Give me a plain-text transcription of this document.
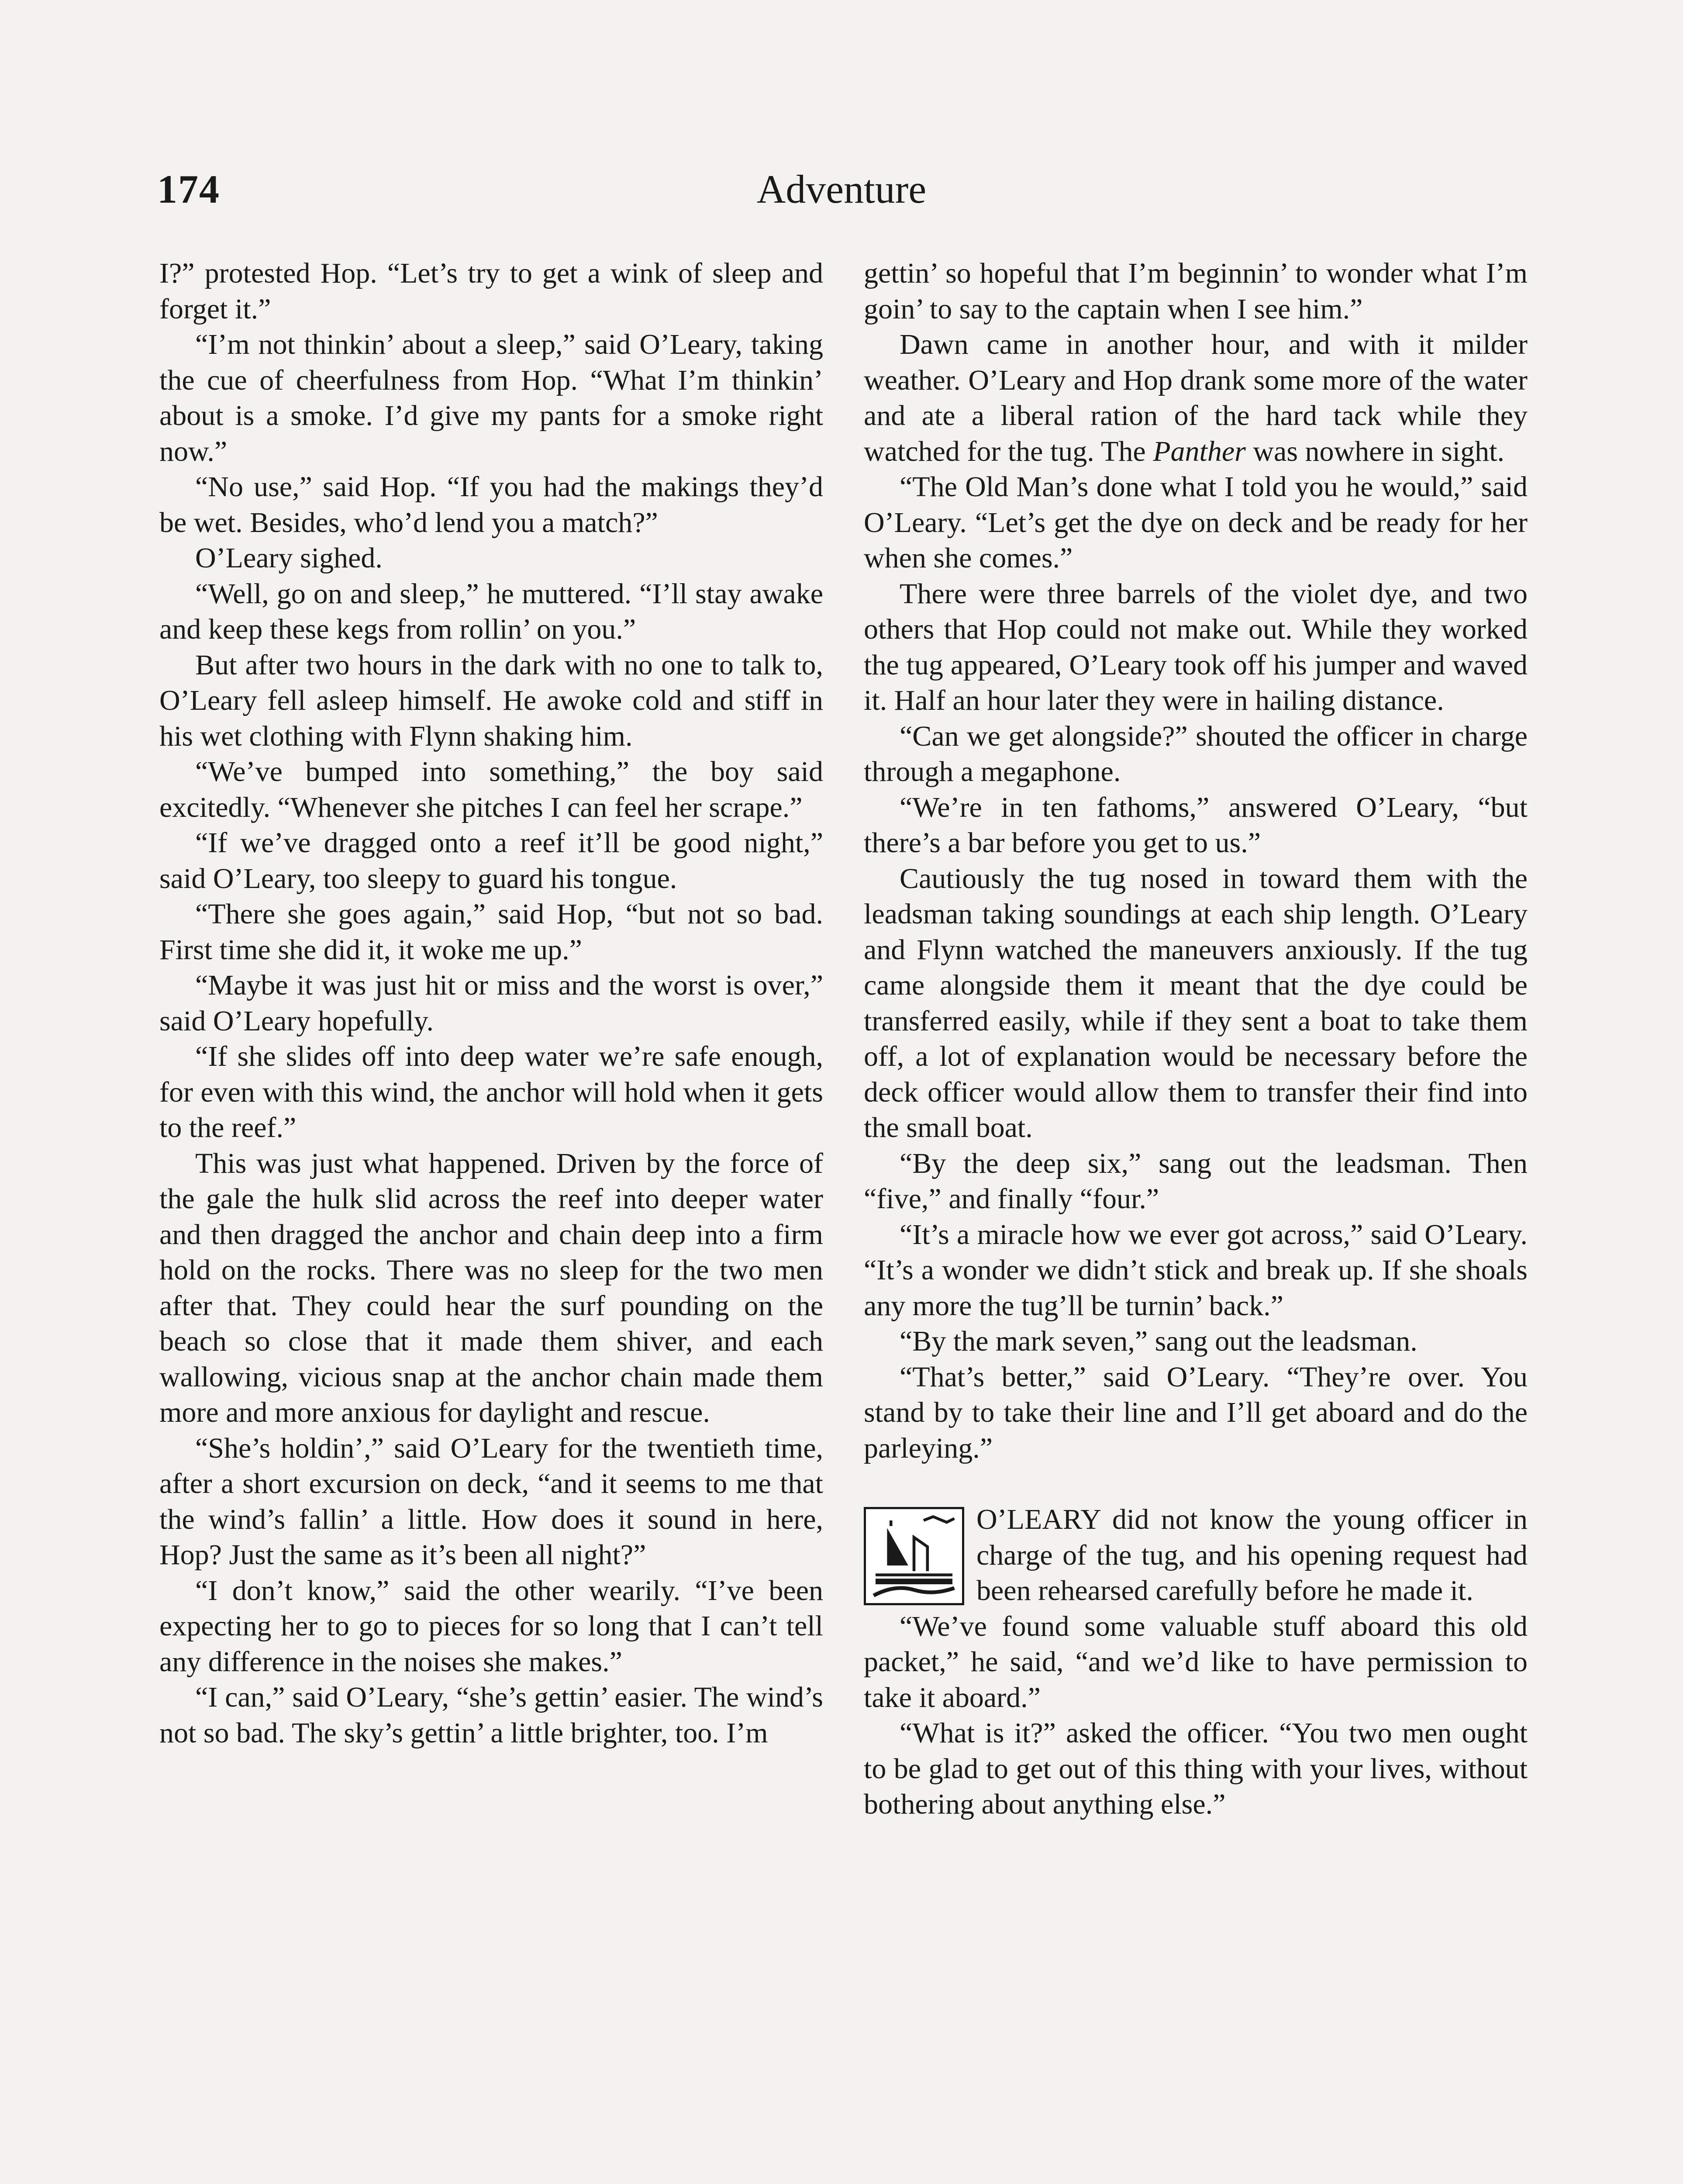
174	Adventure

I?” protested Hop. “Let’s try to get a wink of sleep and forget it.”

“I’m not thinkin’ about a sleep,” said O’Leary, taking the cue of cheerfulness from Hop. “What I’m thinkin’ about is a smoke. I’d give my pants for a smoke right now.”

“No use,” said Hop. “If you had the makings they’d be wet. Besides, who’d lend you a match?”

O’Leary sighed.

“Well, go on and sleep,” he muttered. “I’ll stay awake and keep these kegs from rollin’ on you.”

But after two hours in the dark with no one to talk to, O’Leary fell asleep himself. He awoke cold and stiff in his wet clothing with Flynn shaking him.

“We’ve bumped into something,” the boy said excitedly. “Whenever she pitches I can feel her scrape.”

“If we’ve dragged onto a reef it’ll be good night,” said O’Leary, too sleepy to guard his tongue.

“There she goes again,” said Hop, “but not so bad. First time she did it, it woke me up.”

“Maybe it was just hit or miss and the worst is over,” said O’Leary hopefully.

“If she slides off into deep water we’re safe enough, for even with this wind, the anchor will hold when it gets to the reef.”

This was just what happened. Driven by the force of the gale the hulk slid across the reef into deeper water and then dragged the anchor and chain deep into a firm hold on the rocks. There was no sleep for the two men after that. They could hear the surf pounding on the beach so close that it made them shiver, and each wallowing, vicious snap at the anchor chain made them more and more anxious for daylight and rescue.

“She’s holdin’,” said O’Leary for the twentieth time, after a short excursion on deck, “and it seems to me that the wind’s fallin’ a little. How does it sound in here, Hop? Just the same as it’s been all night?”

“I don’t know,” said the other wearily. “I’ve been expecting her to go to pieces for so long that I can’t tell any difference in the noises she makes.”

“I can,” said O’Leary, “she’s gettin’ easier. The wind’s not so bad. The sky’s gettin’ a little brighter, too. I’m

gettin’ so hopeful that I’m beginnin’ to wonder what I’m goin’ to say to the captain when I see him.”

Dawn came in another hour, and with it milder weather. O’Leary and Hop drank some more of the water and ate a liberal ration of the hard tack while they watched for the tug. The Panther was nowhere in sight.

“The Old Man’s done what I told you he would,” said O’Leary. “Let’s get the dye on deck and be ready for her when she comes.”

There were three barrels of the violet dye, and two others that Hop could not make out. While they worked the tug appeared, O’Leary took off his jumper and waved it. Half an hour later they were in hailing distance.

“Can we get alongside?” shouted the officer in charge through a megaphone.

“We’re in ten fathoms,” answered O’Leary, “but there’s a bar before you get to us.”

Cautiously the tug nosed in toward them with the leadsman taking soundings at each ship length. O’Leary and Flynn watched the maneuvers anxiously. If the tug came alongside them it meant that the dye could be transferred easily, while if they sent a boat to take them off, a lot of explanation would be necessary before the deck officer would allow them to transfer their find into the small boat.

“By the deep six,” sang out the leadsman. Then “five,” and finally “four.”

“It’s a miracle how we ever got across,” said O’Leary. “It’s a wonder we didn’t stick and break up. If she shoals any more the tug’ll be turnin’ back.”

“By the mark seven,” sang out the leadsman.

“That’s better,” said O’Leary. “They’re over. You stand by to take their line and I’ll get aboard and do the parleying.”

O’LEARY did not know the young officer in charge of the tug, and his opening request had been rehearsed carefully before he made it.

“We’ve found some valuable stuff aboard this old packet,” he said, “and we’d like to have permission to take it aboard.”

“What is it?” asked the officer. “You two men ought to be glad to get out of this thing with your lives, without bothering about anything else.”
